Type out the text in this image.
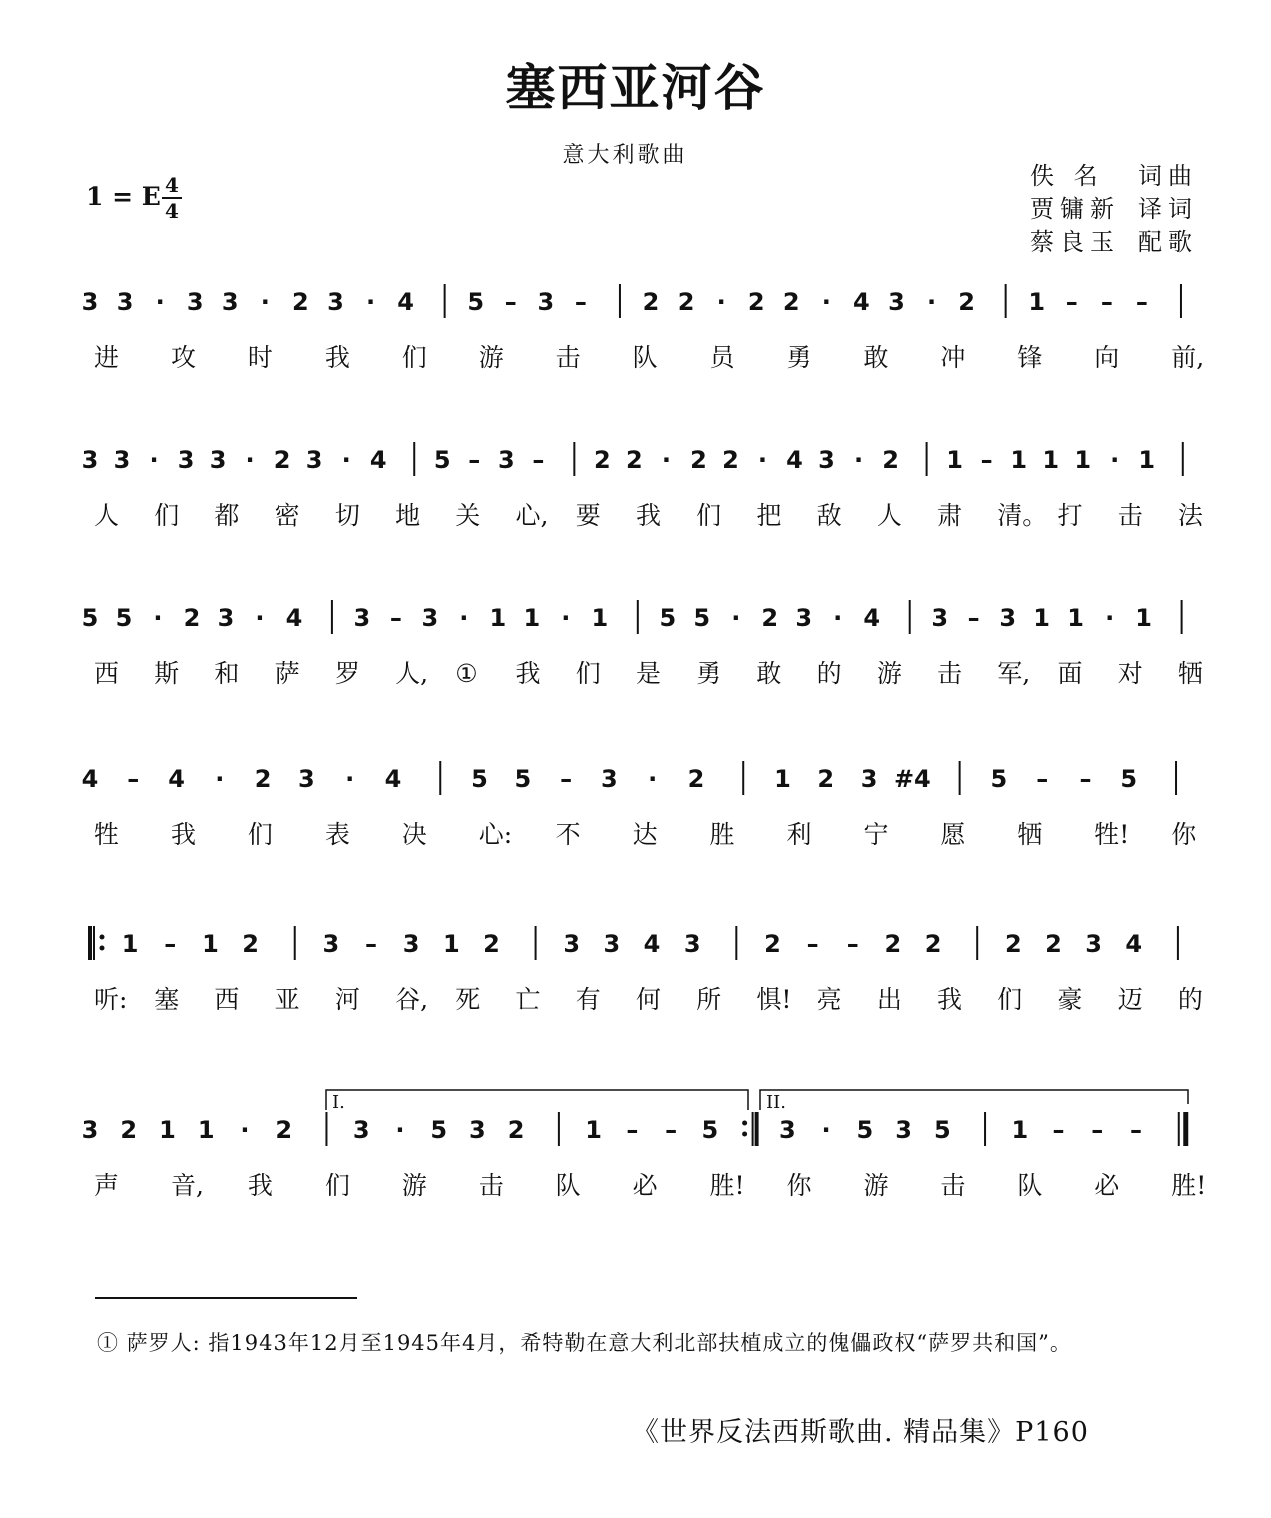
塞西亚河谷
意大利歌曲
1 = E 4
4
佚 名 词曲
贾镛新 译词
蔡良玉 配歌
3 3 · 3 3 · 2 3 · 4 5 – 3 – 2 2 · 2 2 · 4 3 · 2 1 – – –
进 攻 时 我 们 游 击 队 员 勇 敢 冲 锋 向 前,
3 3 · 3 3 · 2 3 · 4 5 – 3 – 2 2 · 2 2 · 4 3 · 2 1 – 1 1 1 · 1
人 们 都 密 切 地 关 心, 要 我 们 把 敌 人 肃 清。 打 击 法
5 5 · 2 3 · 4 3 – 3 · 1 1 · 1 5 5 · 2 3 · 4 3 – 3 1 1 · 1
西 斯 和 萨 罗 人, ① 我 们 是 勇 敢 的 游 击 军, 面 对 牺
4 – 4 · 2 3 · 4	5 5 – 3 · 2	1 2 3 #4 5 – – 5
牲 我 们 表 决 心: 不 达 胜 利 宁 愿 牺 牲! 你
1 – 1 2	3 – 3 1 2	3 3 4 3	2 – – 2 2	2 2 3 4
听: 塞 西 亚 河 谷, 死 亡 有 何 所 惧! 亮 出 我 们 豪 迈 的
3 2 1 1 · 2	3 · 5 3 2	1 – – 5	3 · 5 3 5	1 – – –
声 音, 我 们 游 击 队 必 胜! 你 游 击 队 必 胜!
I.	II.
① 萨罗人: 指1943年12月至1945年4月，希特勒在意大利北部扶植成立的傀儡政权“萨罗共和国”。
《世界反法西斯歌曲. 精品集》P160
